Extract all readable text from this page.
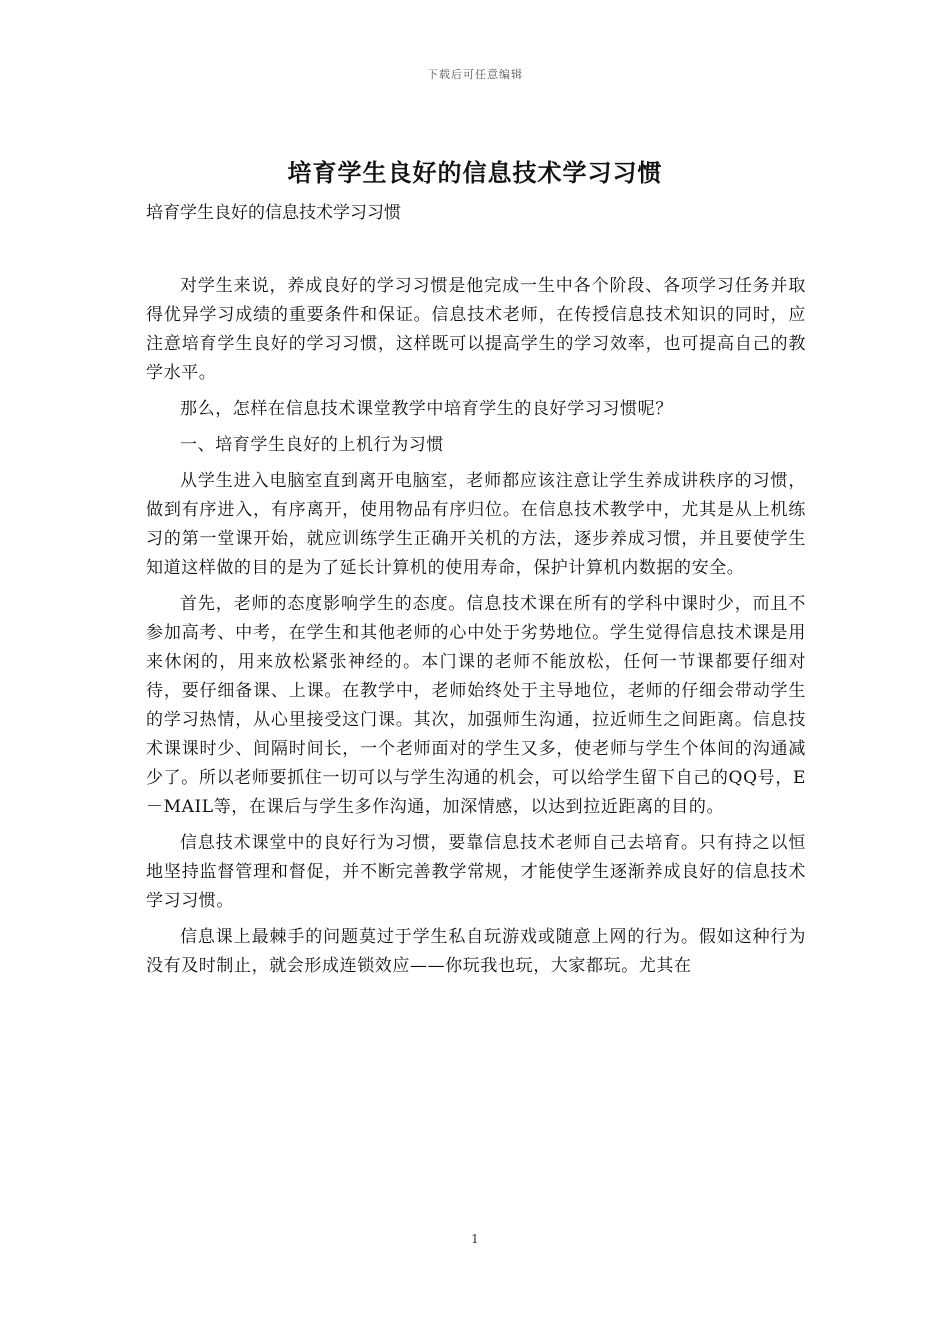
下载后可任意编辑
培育学生良好的信息技术学习习惯
培育学生良好的信息技术学习习惯

对学生来说，养成良好的学习习惯是他完成一生中各个阶段、各项学习任务并取得优异学习成绩的重要条件和保证。信息技术老师，在传授信息技术知识的同时，应注意培育学生良好的学习习惯，这样既可以提高学生的学习效率，也可提高自己的教学水平。

那么，怎样在信息技术课堂教学中培育学生的良好学习习惯呢？

一、培育学生良好的上机行为习惯

从学生进入电脑室直到离开电脑室，老师都应该注意让学生养成讲秩序的习惯，做到有序进入，有序离开，使用物品有序归位。在信息技术教学中，尤其是从上机练习的第一堂课开始，就应训练学生正确开关机的方法，逐步养成习惯，并且要使学生知道这样做的目的是为了延长计算机的使用寿命，保护计算机内数据的安全。

首先，老师的态度影响学生的态度。信息技术课在所有的学科中课时少，而且不参加高考、中考，在学生和其他老师的心中处于劣势地位。学生觉得信息技术课是用来休闲的，用来放松紧张神经的。本门课的老师不能放松，任何一节课都要仔细对待，要仔细备课、上课。在教学中，老师始终处于主导地位，老师的仔细会带动学生的学习热情，从心里接受这门课。其次，加强师生沟通，拉近师生之间距离。信息技术课课时少、间隔时间长，一个老师面对的学生又多，使老师与学生个体间的沟通减少了。所以老师要抓住一切可以与学生沟通的机会，可以给学生留下自己的QQ号，E－MAIL等，在课后与学生多作沟通，加深情感，以达到拉近距离的目的。

信息技术课堂中的良好行为习惯，要靠信息技术老师自己去培育。只有持之以恒地坚持监督管理和督促，并不断完善教学常规，才能使学生逐渐养成良好的信息技术学习习惯。

信息课上最棘手的问题莫过于学生私自玩游戏或随意上网的行为。假如这种行为没有及时制止，就会形成连锁效应——你玩我也玩，大家都玩。尤其在

1
